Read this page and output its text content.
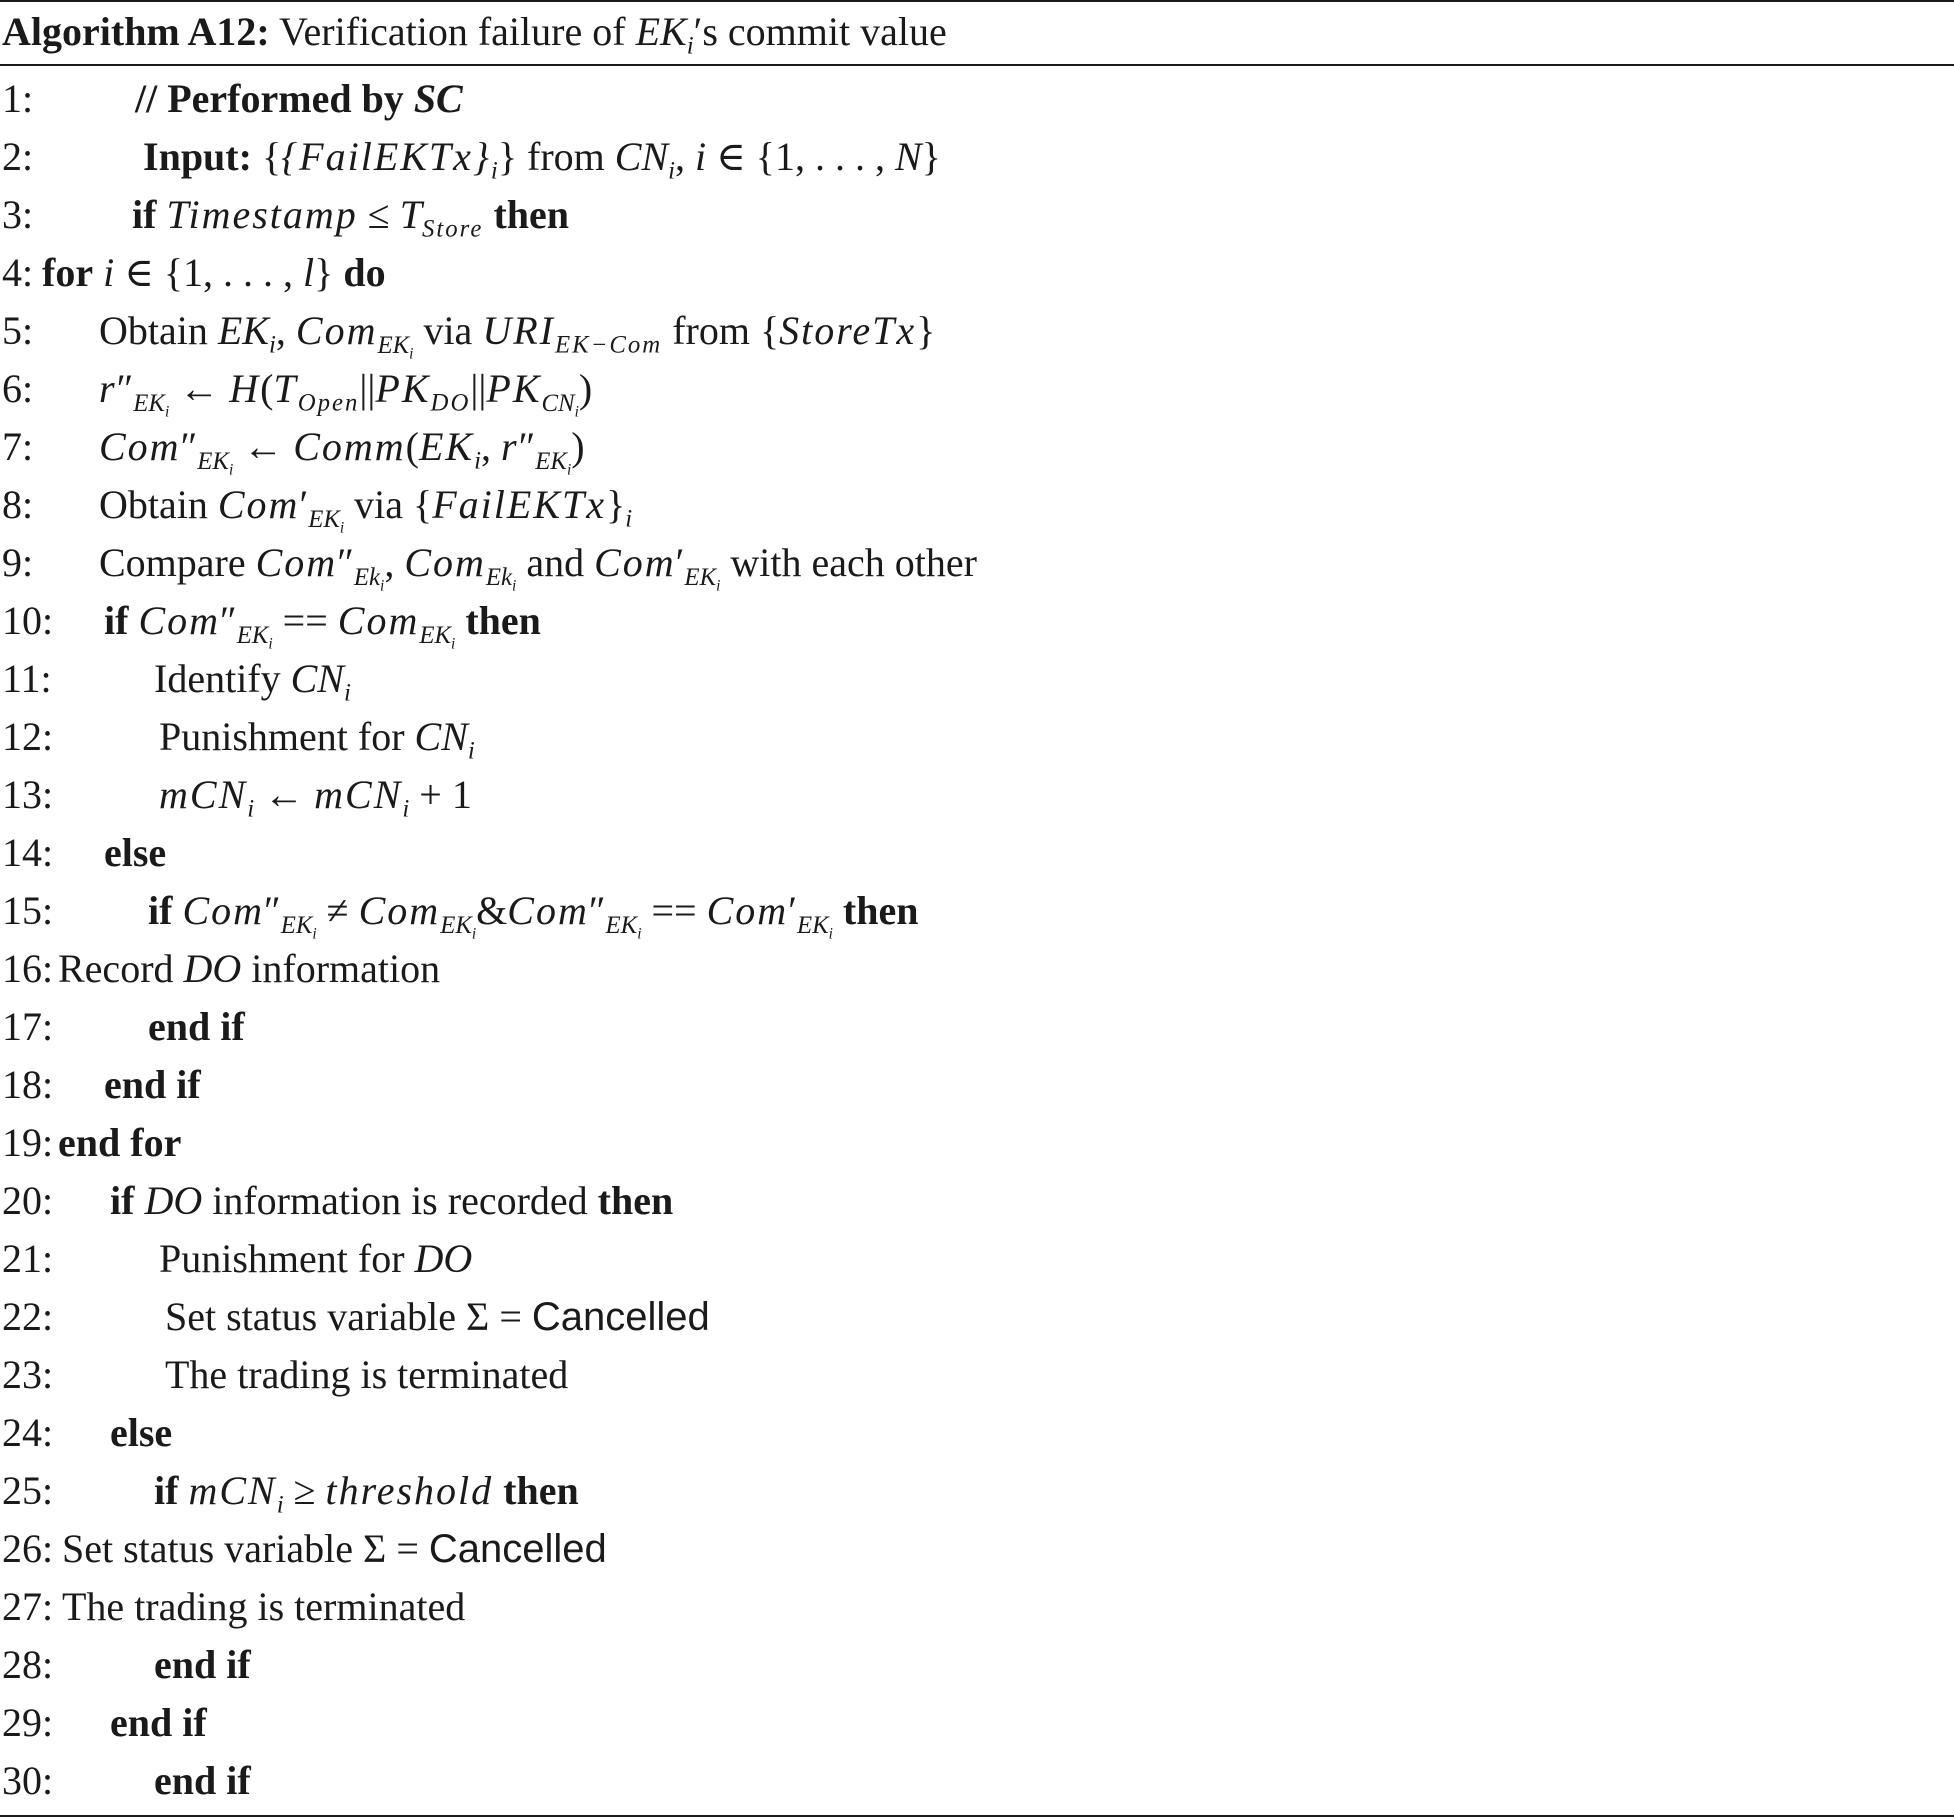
Algorithm A12: Verification failure of $EK_i's$ commit value
1:	// Performed by SC
2:	Input: $\{\{FailEKTx\}_i\}$ from $CN_i$, i ∈ {1, . . . , N}
3: if Timestamp ≤ $T_{Store}$ then
4: for i ∈ {1, . . . , l} do
5: Obtain $EK_i$, Com$_{EK_i}$ via $URI_{EK-Com}$ from {StoreTx}
6: $r''_{EK_i}$ ← $H(T_{Open}||PK_{DO}||PK_{CN_i})$
7: $Com''_{EK_i}$ ← $Comm(EK_i$, $r''_{EK_i}$)
8: Obtain $Com'_{EK_i}$ via $\{FailEKTx\}_i$
9: Compare $Com''_{Ek_i}$, Com$_{Ek_i}$ and $Com'_{EK_i}$ with each other
10: if $Com''_{EK_i} == Com_{EK_i}$ then
11:	Identify $CN_i$
12:	Punishment for $CN_i$
13:	mCN$_i$ ← mCN$_i$ + 1
14: else
15: if $Com''_{EK_i}$ ≠ $Com_{EK_i}\&Com''_{EK_i} == Com'_{EK_i}$ then
16: Record DO information
17: end if
18: end if
19: end for
20: if DO information is recorded then
21:	Punishment for DO
22:	Set status variable Σ = Cancelled
23:	The trading is terminated
24: else
25:	if mCN$_i$ ≥ threshold then
26: Set status variable Σ = Cancelled
27: The trading is terminated
28:	end if
29: end if
30:	end if
